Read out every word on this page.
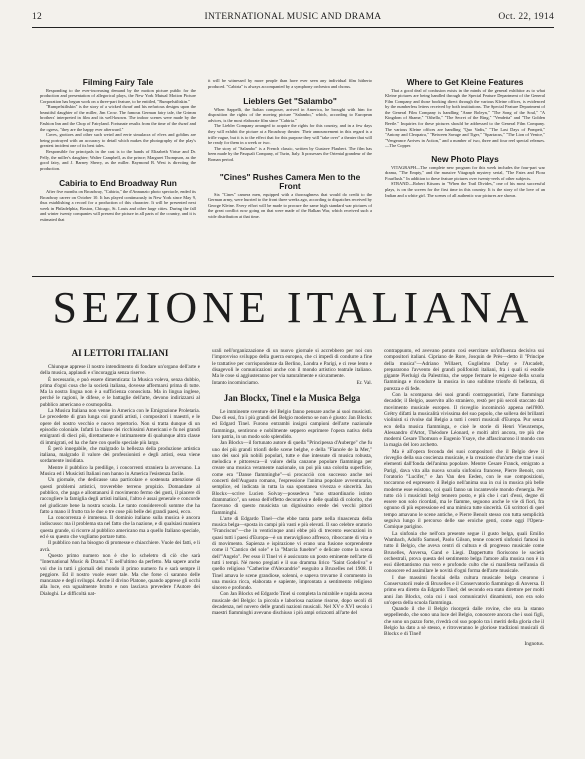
12	INTERNATIONAL MUSIC AND DRAMA	Oct. 22, 1914
Filming Fairy Tale

Responding to the ever-increasing demand by the motion picture public for the production and presentation of allegorical plays, the New York Mutual Motion Picture Corporation has begun work on a three-part feature, to be entitled, "Rumpelstiltskin."

"Rumpelstiltskin" is the story of a wicked dwarf and his nefarious designs upon the beautiful daughter of the miller, Jim Crow. The famous German fairy tale, the Grimm brothers' interpreted in film and its well-known. The indoor scenes were made by the Fashion Inn and the Chop of Fairyland. Fortunate results from the time of the dwarf and the ogress, "they are the happy ever afterward."

Caves, grottoes and other such weird and eerie simulacra of elves and goblins are being portrayed with an accuracy to detail which makes the photography of the play's greatest incident one of its best tales.

Responsible for principals in the cast is to the hands of Elizabeth Virtue and Dr. Pelly, the miller's daughter; Walter Campbell, as the prince; Margaret Thompson, as the good fairy, and J. Barney Sherry, as the miller. Raymond B. West is directing the production.

Cabiria to End Broadway Run

After five months on Broadway, "Cabiria," the d'Annunzio photo spectacle, ended its Broadway career on October 10. It has played continuously in New York since May 9, thus establishing a record for a production of this character. It will be presented next week in Philadelphia, Boston, Chicago, St. Louis and other large cities. During the fall and winter twenty companies will present the picture in all parts of the country, and it is estimated that

it will be witnessed by more people than have ever seen any individual film hitherto produced. "Cabiria" is always accompanied by a symphony orchestra and chorus.

Lieblers Get "Salambo"

When Sappelli, the Italian composer, arrived in America, he brought with him for disposition the rights of the moving picture "Salambo," which, according to European advices, is the most elaborate film since "Cabiria."

The Liebler Company arranged to acquire the rights for this country, and in a few days they will exhibit the picture at a Broadway theater. Their announcement in this regard is a trifle vague, but it is to the effect that for this purpose they will "take over" a theater that will be ready for them in a week or two.

The story of "Salambo" is a French classic, written by Gustave Flaubert. The film has been made by the Pasquali Company, of Turin, Italy. It possesses the Oriental grandeur of the Roman period.

"Cines" Rushes Camera Men to the Front

Six "Cines" camera men, equipped with a thoroughness that would do credit to the German army, were hurried to the front three weeks ago, according to dispatches received by George Kleine. Every effort will be made to procure the same high standard war pictures of the great conflict now going on that were made of the Balkan War, which received such a wide distribution at that time.

Where to Get Kleine Features

That a good deal of confusion exists in the minds of the general exhibitor as to what Kleine pictures are being handled through the Special Feature Department of the General Film Company and those booking direct through the various Kleine offices, is evidenced by the numberless letters received by both institutions. The Special Feature Department of the General Film Company is handling "Anne Boleyn," "The Song of the Soul," "A Kingdom of Shame," "Othello," "The Secret of the Ring," "Vendetta" and "The Golden Beetle." Inquiries for these pictures should be addressed to the General Film Company. The various Kleine offices are handling "Quo Vadis," "The Last Days of Pompeii," "Antony and Cleopatra," "Between Savage and Tiger," "Spartacus," "The Lion of Venice," "Vengeance Arrives in Action," and a number of two, three and four reel special releases.—The Copper.

New Photo Plays

VITAGRAPH—The complete new program for this week includes the four-part war drama, "The Empty," and the massive Vitagraph mystery serial, "The Fates and Flora Fourflush." In addition to these feature pictures over twenty-reels of other subjects.

STRAND—Robert Kitsons in "When the Trail Divides," one of his most successful plays, is on the screen for the first time in this country. It is the story of the love of an Indian and a white girl. The scenes of all authentic war pictures are shown.

SEZIONE ITALIANA
AI LETTORI ITALIANI

Chiunque apprese il nostro intendimento di fondare un'organo dell'arte e della musica, applaudì e s'incoraggia senza riserve.

È necessario, e può essere dimenticata: la Musica voleva, senza dubbio, prima d'ogni cosa che la società italiana, dovesse affermarsi prima di tutte. Ma la nostra lingua non è a sufficienza conosciuta. Ma in lingua inglese, perché le ragioni, le difese, e le battaglie dell'arte, devono indirizzarsi al pubblico americano e cosmopolita.

La Musica Italiana non venne in America con le Emigrazione Proletaria. Le precedette di gran lunga coi grandi artisti, i compositori i maestri, e le opere del nostro vecchio e nuovo repertorio. Non si tratta dunque di un episodio coloniale. Infatti la classe dei ricchissimi Americani e fu nei grandi emigranti di dieci più, direttamente e intimamente di qualunque altra classe di immigrati, ed ha che fare con quello speciale più largo.

È però innegabile, che malgrado la bellezza della produzione artistica italiana, malgrado il valore dei professionisti e degli artisti, essa viene sordamente insidiata.

Mentre il pubblico la predilige, i concorrenti straniera la avversano. La Musica ed i Musicisti Italiani non hanno in America l'esistenza facile.

Un giornale, che dedicasse una particolare e sostenuta attenzione di questi problemi artistici, troverebbe terreno propizio. Domandate al pubblico, che paga e allontanarsi il movimento fermo dei gusti, il piacere di raccogliere la famiglia degli artisti italiani, l'altro è assai generale e concorde nel giudicare bene la nostra scuola. Le tanto considerevoli somme che ha fatto a mano il frutto tra le due o tre cose più belle dei grandi paesi, ecco.

La concorrenza è immensa. Il dominio italiano sulla musica è ancora indiscusso: ma il problema sta nel fatto che la nazione, e di qualsiasi maniera questa grande, si ricorre al pubblico americano ma a quello Italiano speciale, ed è su questo che vogliamo portare tutto.

Il pubblico non ha bisogno di promesse e chiacchiere. Vuole dei fatti, e li avrà.

Questo primo numero non è che lo scheletro di ciò che sarà "International Music & Drama." E nell'ultimo da perfetto. Ma sapere anche voi che in tutti i giornali del mondo il primo numero fu e sarà sempre il peggiore. Ed il nostro vuole esser tale. Ma che forse ci saranno delle mancanze e degli sviluppi. Anche il divino Platone, quando apprese gli occhi alla luce, era ugualmente brutto e non lasciava prevedere l'Autore dei Dialoghi. Le difficoltà nat-

urali nell'organizzazione di un nuovo giornale si accrebbero per noi con l'improvviso sviluppo della guerra europea, che ci impedì di condurre a fine le trattative per corrispondenze da Berlino, Londra e Parigi, e ci rese lento e disagevoli le comunicazioni anche con il mondo artistico teatrale italiano. Ma le cose si aggiusteranno per via naturalmente e sicuramente.

Intanto incominciamo.	Er. Val.
Jan Blockx, Tinel e la Musica Belga

Le imminente sventure del Belgio fanno pensare anche ai suoi musicisti. Due di essi, fra i più grandi del Belgio moderno se non è giusto: Jan Blockx ed Edgard Tinel. Furono entrambi insigni campioni dell'arte nazionale fiamminga, sentirono e nobilmente seppero esprimere l'opera nativa della loro patria, in un modo solo splendido.

Jan Blockx—il fortunato autore di quella "Principessa d'Auberge" che fu uno dei più grandi trionfi delle scene belghe, e della "Fiancée de la Mer," uno dei suoi più nobili popolari, tutte e due intessute di musica robusta, melodica e pittoresca—il valore della canzone popolare fiamminga per creare una musica veramente nazionale, un poi più una colorita superficie, come era "Danse flamminghe"—si procacciò con successo anche nei concerti dell'Augusto romano, l'espressione l'anima popolare avventuraria, semplice, ed indicata in tutta la sua spontanea vivezza e sincerità. Jan Blockx—scrive Lucien Solvay—possedeva "uno straordinario istinto drammatico", un senso dell'effetto decorativo e delle qualità di colorito, che facevano di questo musicista un dignissimo erede dei vecchi pittori fiamminghi.

L'arte di Edgardo Tinel—che ebbe tanta parte nella rinascenza della musica belga—sposta in campi più vasti e più elevati. Il suo celebre oratorio "Franciscus"—che in venticinque anni ebbe più di trecento esecuzioni in quasi tutti i paesi d'Europa—è un meraviglioso affresco, riboccante di vita e di movimento. Sapienza e ispirazione vi erano una fusione sorprendente come il "Cantico del sole" e la "Marcia funebre" e delicate come la scena dell'"Angelo". Per esso il Tinel vi è assicurato un posto eminente nell'arte di tutti i tempi. Né meno pregiati e il suo dramma lirico "Saint Godeliva" e quello religioso "Catherine d'Alexandrie" eseguito a Bruxelles nel 1908. Il Tinel amava le scene grandiose, solenni, e sapeva trovarne il commento in una musica ricca, elaborata e sapiente, improntata a sentimento religioso sincero e profondo.

Con Jan Blockx ed Edgardo Tinel si completa la mirabile e rapida ascesa musicale del Belgio: la piccola e laboriosa nazione risorse, dopo secoli di decadenza, nel novero delle grandi nazioni musicali. Nel XV e XVI secolo i maestri fiamminghi avevano dischiuso i più ampi orizzonti all'arte del

contrappunto, ed avevano potuto così esercitare un'influenza decisiva sui compositori italiani. Cipriano de Rore, Josquin de Près—detto il "Principe della musica"—Adriano Willaert, Guglielmo Dufay e l'Arcadelt, prepararono l'avvento dei grandi polifonisti italiani, fra i quali si estolle gigante Pierluigi da Palestrina, che seppe fermare le esigenze della scuola fiamminga e ricondurre la musica in uno sublime trionfo di bellezza, di purezza e di fede.

Con la scomparsa dei suoi grandi contrappuntisti, l'arte fiamminga decadde; il Belgio, asservito allo straniero, restò per più secoli staccato dal movimento musicale europeo. Il risveglio incominciò appena nell'800. Grétry difatti la musicalità vivissima del suo popolo, che solleva dei brillanti violinisti si rivolse dal Belgio a tutti i centri musicali d'Europa. Pur senza eco della musica fiamminga, e cioè le storie di Henri Vieuxtemps, Alessandro d'Artot, Théodore Léonard, e molti altri ancora, tre più che moderni Cesare Thomson e Eugenio Ysaye, che affascinarono il mondo con la magia del loro archetto.

Ma è all'opera feconda dei suoi compositori che il Belgio deve il risveglio della sua coscienza musicale, e la creazione d'un'arte che trae i suoi elementi dall'fonda dell'anima popolare. Mentre Cesare Franck, emigrato a Parigi, dava vita alla nuova scuola sinfonica francese, Pierre Benoit, con l'oratorio "Lucifer," e Jan Van den Eeden, con le sue composizioni, toccarono ed espressero il Belgio nell'anima sua in cui in musica più belle moderne esse esistono, coi quali fanno un incantevole mondo d'energia. Per tutto ciò i musicisti belgi tennero posto, e più che i cari d'essi, degne di essere non solo ricordati, ma le fiamme, seguono anche le vie di fiori, fra ognuno di più espressione ed una mimica tutte sincerità. Gli scrittori di quel tempo amavano le scene antiche, e Pierre Benoit stesso con tutta semplicità seguiva lungo il percorso delle sue eroiche genti, come oggi l'Opera-Comique parigino.

La sinfonia che nell'ora presente segue il gusto belga, quali Emilio Wambach, Adolfo Samuel, Paolo Gilson, tenne concerti sinfonici famosi in tutto il Belgio, che aveva centri di cultura e di progresso musicale come Bruxelles, Anversa, Gand e Liegi. Dappertutto fioriscono le società orchestrali, prova questa del sentimento belga l'amore alla musica non è in essi dilettantismo ma vero e profondo culto che si manifesta nell'ansia di conoscere ed assimilare le novità d'ogni forma dell'arte musicale.

I due massimi focolai della cultura musicale belga crearono i Conservatorii reale di Bruxelles e il Conservatorio fiammingo di Anversa. Il primo era diretto da Edgardo Tinel; del secondo era stato direttore per molti anni Jan Blockx, cola cui i suoi comunicativi dinamismi, non era solo un'opera della scuola fiamminga.

Quando il che il Belgio risorgerà dalle rovine, che ora la stanno seppellendo, che sono una luce del Belgio, conoscere ancora che i suoi figli, che sono un pazzo forte, rivedrà col suo popolo tra i meriti della gloria che il Belgio ha dato a sè stesso, e ritroveranno le gloriose tradizioni musicali di Blockx e di Tinel!

Ingnotus.
